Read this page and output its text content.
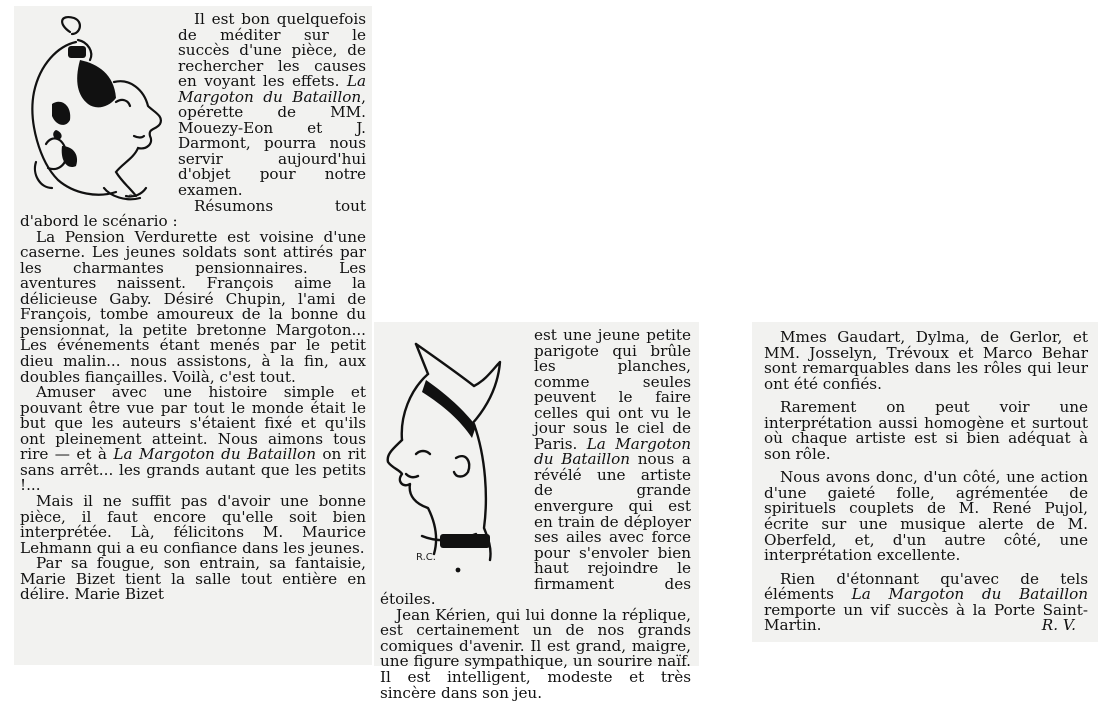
~

Il est bon quelquefois de méditer sur le succès d'une pièce, de rechercher les causes en voyant les effets. La Margoton du Bataillon, opérette de MM. Mouezy-Eon et J. Darmont, pourra nous servir aujourd'hui d'objet pour notre examen.

Résumons tout d'abord le scénario :

La Pension Verdurette est voisine d'une caserne. Les jeunes soldats sont attirés par les charmantes pensionnaires. Les aventures naissent. François aime la délicieuse Gaby. Désiré Chupin, l'ami de François, tombe amoureux de la bonne du pensionnat, la petite bretonne Margoton... Les événements étant menés par le petit dieu malin... nous assistons, à la fin, aux doubles fiançailles. Voilà, c'est tout.

Amuser avec une histoire simple et pouvant être vue par tout le monde était le but que les auteurs s'étaient fixé et qu'ils ont pleinement atteint. Nous aimons tous rire — et à La Margoton du Bataillon on rit sans arrêt... les grands autant que les petits !...

Mais il ne suffit pas d'avoir une bonne pièce, il faut encore qu'elle soit bien interprétée. Là, félicitons M. Maurice Lehmann qui a eu confiance dans les jeunes.

Par sa fougue, son entrain, sa fantaisie, Marie Bizet tient la salle tout entière en délire. Marie Bizet

R.C.

est une jeune petite parigote qui brûle les planches, comme seules peuvent le faire celles qui ont vu le jour sous le ciel de Paris. La Margoton du Bataillon nous a révélé une artiste de grande envergure qui est en train de déployer ses ailes avec force pour s'envoler bien haut rejoindre le firmament des étoiles.

Jean Kérien, qui lui donne la réplique, est certainement un de nos grands comiques d'avenir. Il est grand, maigre, une figure sympathique, un sourire naïf. Il est intelligent, modeste et très sincère dans son jeu.

Mmes Gaudart, Dylma, de Gerlor, et MM. Josselyn, Trévoux et Marco Behar sont remarquables dans les rôles qui leur ont été confiés.

Rarement on peut voir une interprétation aussi homogène et surtout où chaque artiste est si bien adéquat à son rôle.

Nous avons donc, d'un côté, une action d'une gaieté folle, agrémentée de spirituels couplets de M. René Pujol, écrite sur une musique alerte de M. Oberfeld, et, d'un autre côté, une interprétation excellente.

Rien d'étonnant qu'avec de tels éléments La Margoton du Bataillon remporte un vif succès à la Porte Saint-Martin.	R. V.
